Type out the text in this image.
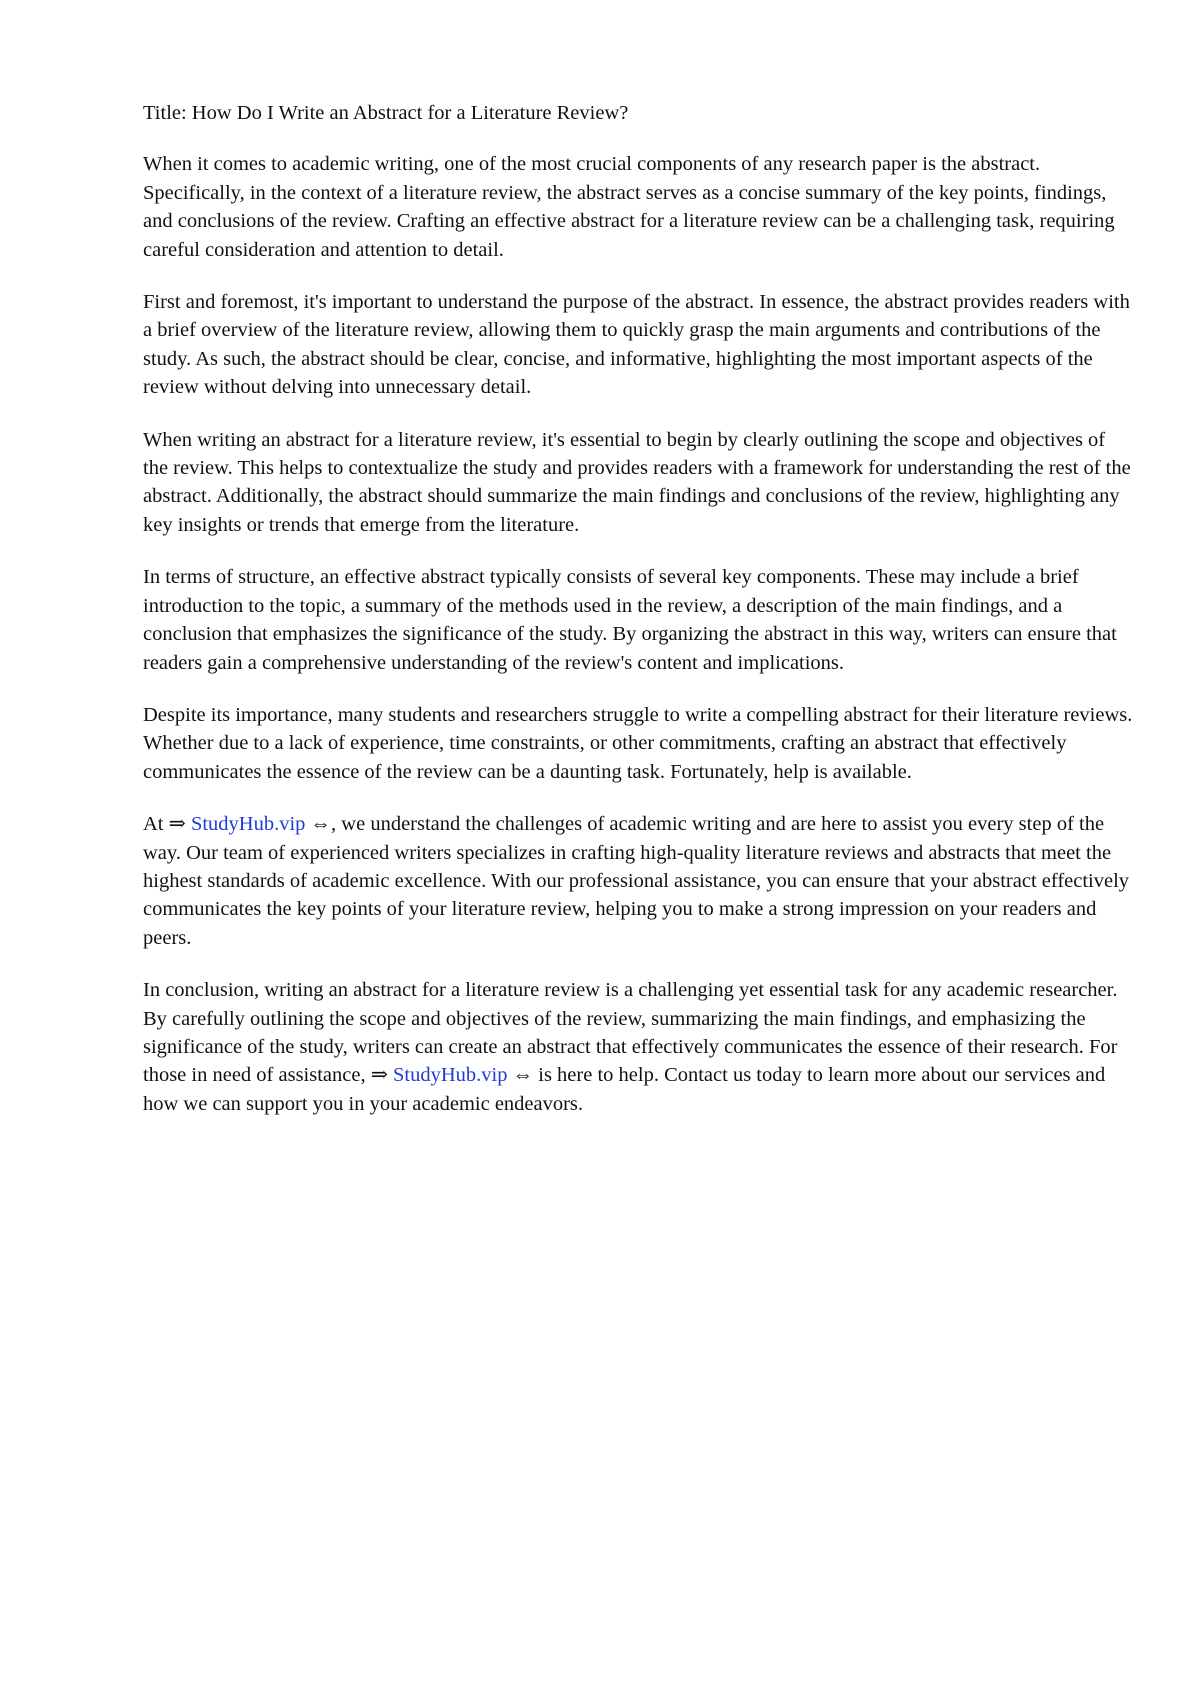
Title: How Do I Write an Abstract for a Literature Review?

When it comes to academic writing, one of the most crucial components of any research paper is the abstract. Specifically, in the context of a literature review, the abstract serves as a concise summary of the key points, findings, and conclusions of the review. Crafting an effective abstract for a literature review can be a challenging task, requiring careful consideration and attention to detail.

First and foremost, it's important to understand the purpose of the abstract. In essence, the abstract provides readers with a brief overview of the literature review, allowing them to quickly grasp the main arguments and contributions of the study. As such, the abstract should be clear, concise, and informative, highlighting the most important aspects of the review without delving into unnecessary detail.

When writing an abstract for a literature review, it's essential to begin by clearly outlining the scope and objectives of the review. This helps to contextualize the study and provides readers with a framework for understanding the rest of the abstract. Additionally, the abstract should summarize the main findings and conclusions of the review, highlighting any key insights or trends that emerge from the literature.

In terms of structure, an effective abstract typically consists of several key components. These may include a brief introduction to the topic, a summary of the methods used in the review, a description of the main findings, and a conclusion that emphasizes the significance of the study. By organizing the abstract in this way, writers can ensure that readers gain a comprehensive understanding of the review's content and implications.

Despite its importance, many students and researchers struggle to write a compelling abstract for their literature reviews. Whether due to a lack of experience, time constraints, or other commitments, crafting an abstract that effectively communicates the essence of the review can be a daunting task. Fortunately, help is available.

At ⇒ StudyHub.vip ⇔, we understand the challenges of academic writing and are here to assist you every step of the way. Our team of experienced writers specializes in crafting high-quality literature reviews and abstracts that meet the highest standards of academic excellence. With our professional assistance, you can ensure that your abstract effectively communicates the key points of your literature review, helping you to make a strong impression on your readers and peers.

In conclusion, writing an abstract for a literature review is a challenging yet essential task for any academic researcher. By carefully outlining the scope and objectives of the review, summarizing the main findings, and emphasizing the significance of the study, writers can create an abstract that effectively communicates the essence of their research. For those in need of assistance, ⇒ StudyHub.vip ⇔ is here to help. Contact us today to learn more about our services and how we can support you in your academic endeavors.
